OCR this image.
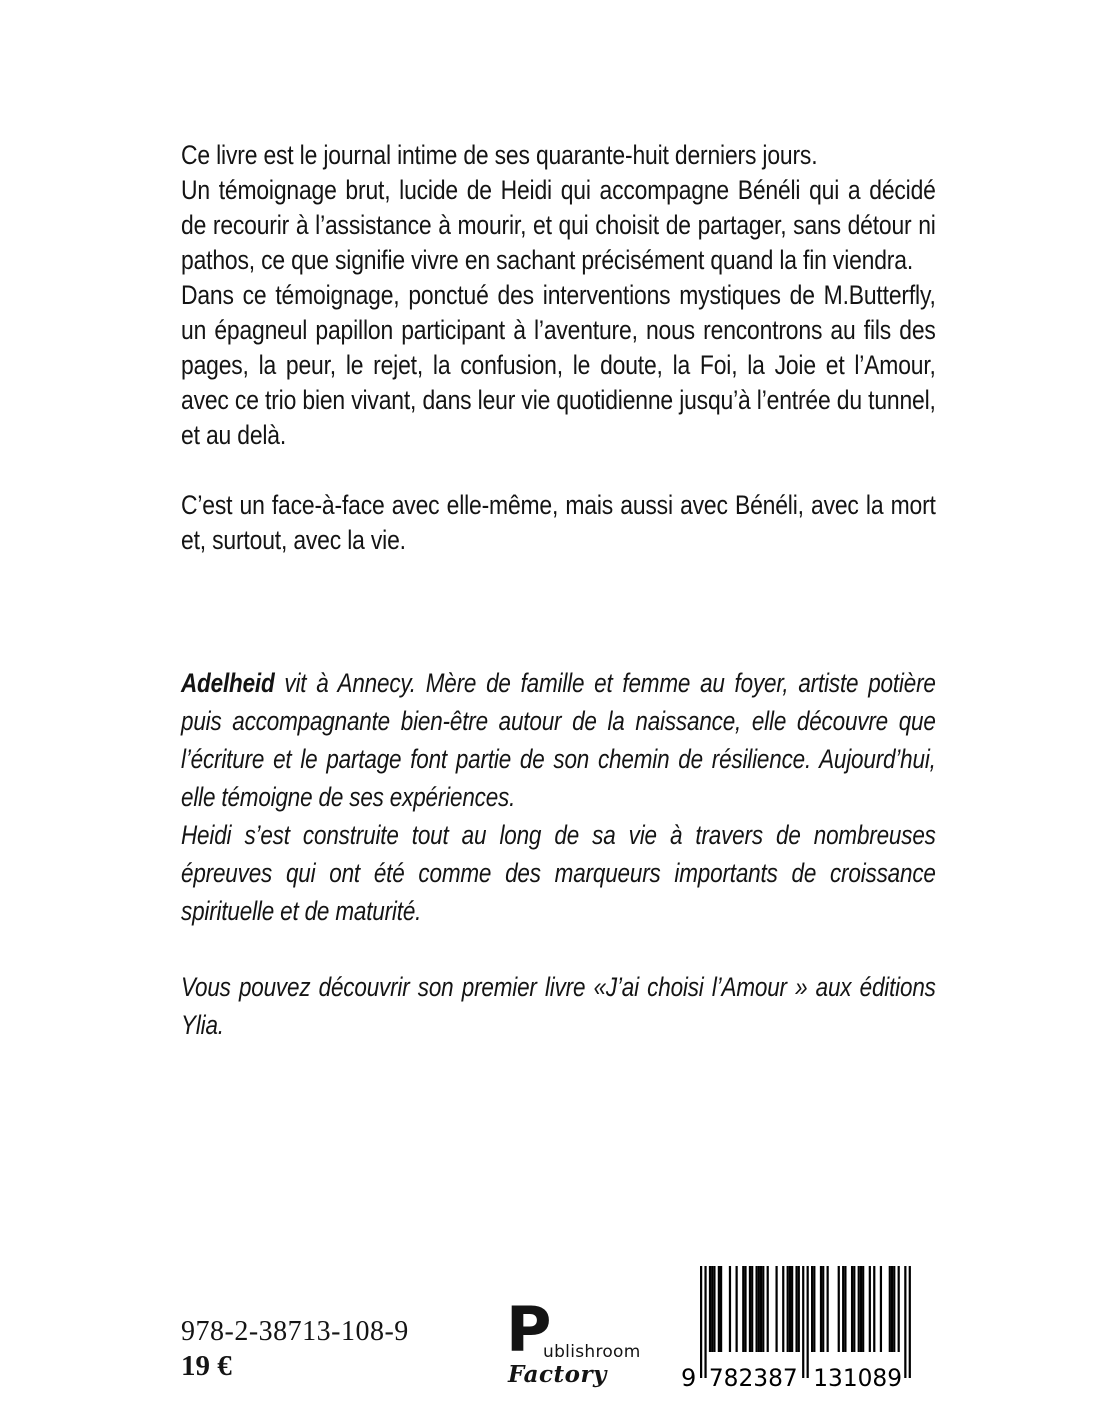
Ce livre est le journal intime de ses quarante-huit derniers jours.

Un témoignage brut, lucide de Heidi qui accompagne Bénéli qui a décidé de recourir à l’assistance à mourir, et qui choisit de partager, sans détour ni pathos, ce que signifie vivre en sachant précisément quand la fin viendra.

Dans ce témoignage, ponctué des interventions mystiques de M.Butterfly, un épagneul papillon participant à l’aventure, nous rencontrons au fils des pages, la peur, le rejet, la confusion, le doute, la Foi, la Joie et l’Amour, avec ce trio bien vivant, dans leur vie quotidienne jusqu’à l’entrée du tunnel, et au delà.

C’est un face-à-face avec elle-même, mais aussi avec Bénéli, avec la mort et, surtout, avec la vie.

Adelheid vit à Annecy. Mère de famille et femme au foyer, artiste potière puis accompagnante bien-être autour de la naissance, elle découvre que l’écriture et le partage font partie de son chemin de résilience. Aujourd’hui, elle témoigne de ses expériences.

Heidi s’est construite tout au long de sa vie à travers de nombreuses épreuves qui ont été comme des marqueurs importants de croissance spirituelle et de maturité.

Vous pouvez découvrir son premier livre «J’ai choisi l’Amour » aux éditions Ylia.

978-2-38713-108-9
19 €	P
ublishroom
Factory	9 782387 131089
